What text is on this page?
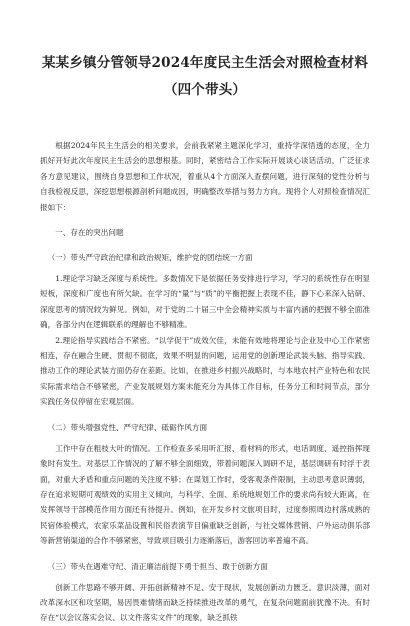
某某乡镇分管领导2024年度民主生活会对照检查材料（四个带头）

根据2024年民主生活会的相关要求，会前我紧紧主题深化学习，重持学深悟透的态度，全力抓好开好此次年度民主生活会的思想根基。同时，紧密结合工作实际开展谈心谈话活动，广泛征求各方意见建议，围绕自身思想和工作状况，着重从4个方面深入查摆问题，进行深刻的党性分析与自我检视反思，深挖思想根源剖析问题成因，明确整改举措与努力方向。现将个人对照检查情况汇报如下：

一、存在的突出问题

（一）带头严守政治纪律和政治规矩，维护党的团结统一方面

1.理论学习缺乏深度与系统性。多数情况下是依据任务安排进行学习，学习的系统性存在明显短板，深度和广度也有所欠缺。在学习的“量”与“质”的平衡把握上表现不佳，静下心来深入钻研、深度思考的情况较为鲜见。例如，对于党的二十届三中全会精神实质与丰富内涵的把握不够全面准确，各部分内在逻辑联系的理解也不够精准。

2.理论指导实践结合不紧密。“以学促干”成效欠佳，未能有效地将理论与企业及中心工作紧密相连，存在融合生硬、贯彻不彻底，效果不明显的问题，运用党的创新理论武装头脑、指导实践、推动工作的理论武装方面仍存在差距。比如，在推进乡村振兴战略时，与本地农村产业特色和农民实际需求结合不够紧密，产业发展规划方案未能充分为具体工作目标，任务分工和时间节点，部分实践任务仅停留在宏观层面。

（二）带头增强党性、严守纪律、砥砺作风方面

工作中存在粗枝大叶的情况。工作检查多采用听汇报、看材料的形式，电话调度、遥控指挥现象时有发生。对基层工作情况的了解不够全面细致，带着问题深入调研不足，基层调研有时浮于表面，对重大矛盾和重点问题的关注度不够；在谋划工作时，受客观条件限制，主动思考意识薄弱，存在追求短期可观绩效的实用主义倾向，与科学、全面、系统地规划工作的要求尚有较大距离，在发挥领导干部模范作用方面还有待提升。例如，在开发乡村文旅项目时，过度参照周边村落成熟的民宿体验模式，农家乐菜品设置和民俗表演节目偏重缺乏创新，与社交媒体营销、户外运动俱乐部等新营销渠道的合作不够紧密，导致项目吸引力逐渐落后，游客回访率普遍不高。

（三）带头在遇难守纪、清正廉洁前提下勇于担当、敢于创新方面

创新工作思路不够开阔、开拓创新精神不足、安于现状，发展创新动力匮乏。意识淡薄，面对改革深水区和攻坚期，易因畏难情绪而缺乏持续推进改革的勇气，在复杂问题面前犹豫不决。有时存在“以会议落实会议、以文件落实文件”的现象，缺乏抓铁
